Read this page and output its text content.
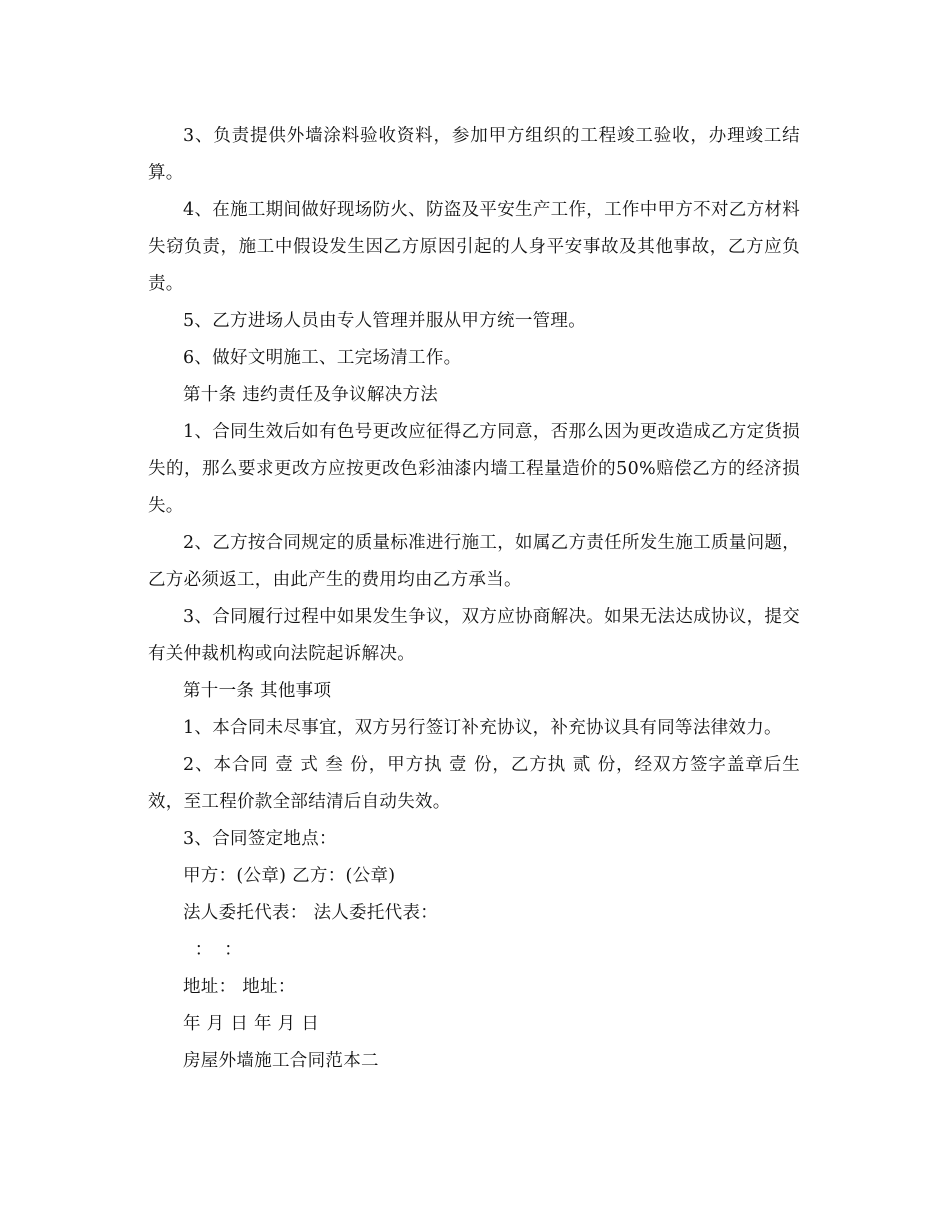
3、负责提供外墙涂料验收资料，参加甲方组织的工程竣工验收，办理竣工结算。

4、在施工期间做好现场防火、防盗及平安生产工作，工作中甲方不对乙方材料失窃负责，施工中假设发生因乙方原因引起的人身平安事故及其他事故，乙方应负责。

5、乙方进场人员由专人管理并服从甲方统一管理。

6、做好文明施工、工完场清工作。

第十条 违约责任及争议解决方法

1、合同生效后如有色号更改应征得乙方同意，否那么因为更改造成乙方定货损失的，那么要求更改方应按更改色彩油漆内墙工程量造价的50%赔偿乙方的经济损失。

2、乙方按合同规定的质量标准进行施工，如属乙方责任所发生施工质量问题，乙方必须返工，由此产生的费用均由乙方承当。

3、合同履行过程中如果发生争议，双方应协商解决。如果无法达成协议，提交有关仲裁机构或向法院起诉解决。

第十一条 其他事项

1、本合同未尽事宜，双方另行签订补充协议，补充协议具有同等法律效力。

2、本合同 壹 式 叁 份，甲方执 壹 份，乙方执 贰 份，经双方签字盖章后生效，至工程价款全部结清后自动失效。

3、合同签定地点：

甲方：(公章) 乙方：(公章)

法人委托代表： 法人委托代表：

：  ：

地址： 地址：

年 月 日 年 月 日

房屋外墙施工合同范本二
